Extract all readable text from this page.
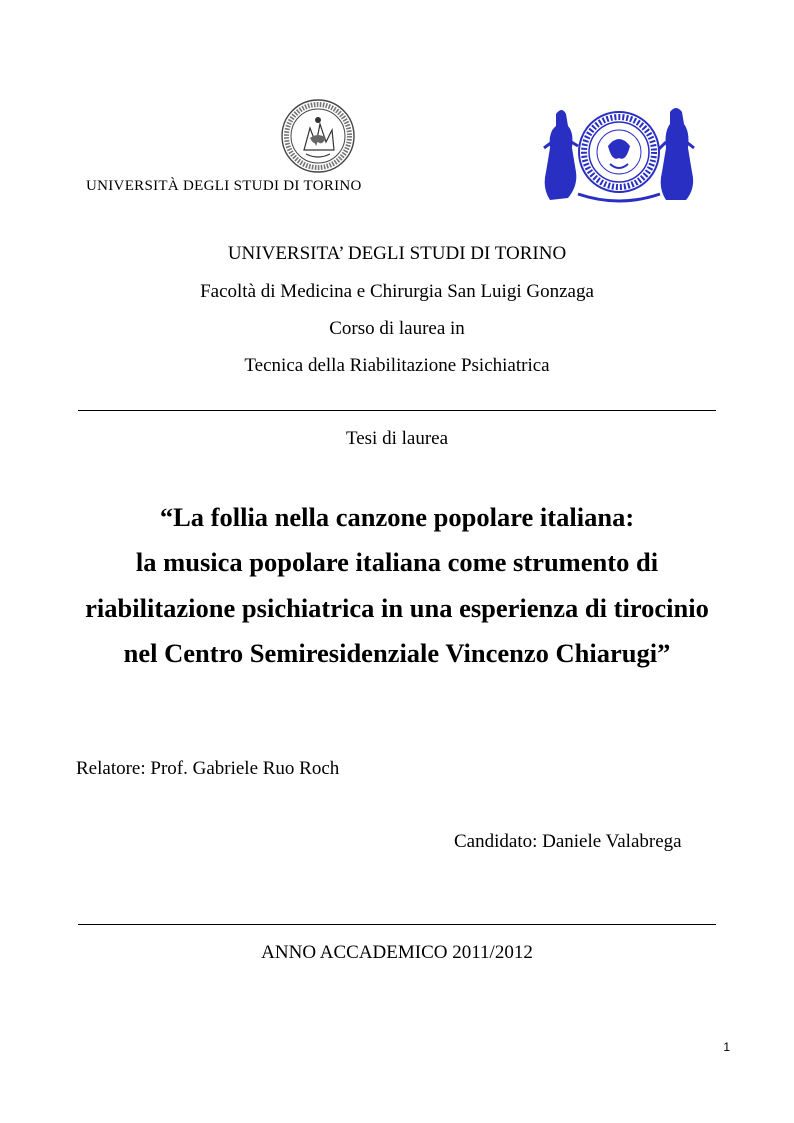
UNIVERSITÀ DEGLI STUDI DI TORINO
UNIVERSITA’ DEGLI STUDI DI TORINO
Facoltà di Medicina e Chirurgia San Luigi Gonzaga
Corso di laurea in
Tecnica della Riabilitazione Psichiatrica
Tesi di laurea
“La follia nella canzone popolare italiana:
la musica popolare italiana come strumento di
riabilitazione psichiatrica in una esperienza di tirocinio
nel Centro Semiresidenziale Vincenzo Chiarugi”
Relatore: Prof. Gabriele Ruo Roch
Candidato: Daniele Valabrega
ANNO ACCADEMICO 2011/2012
1
